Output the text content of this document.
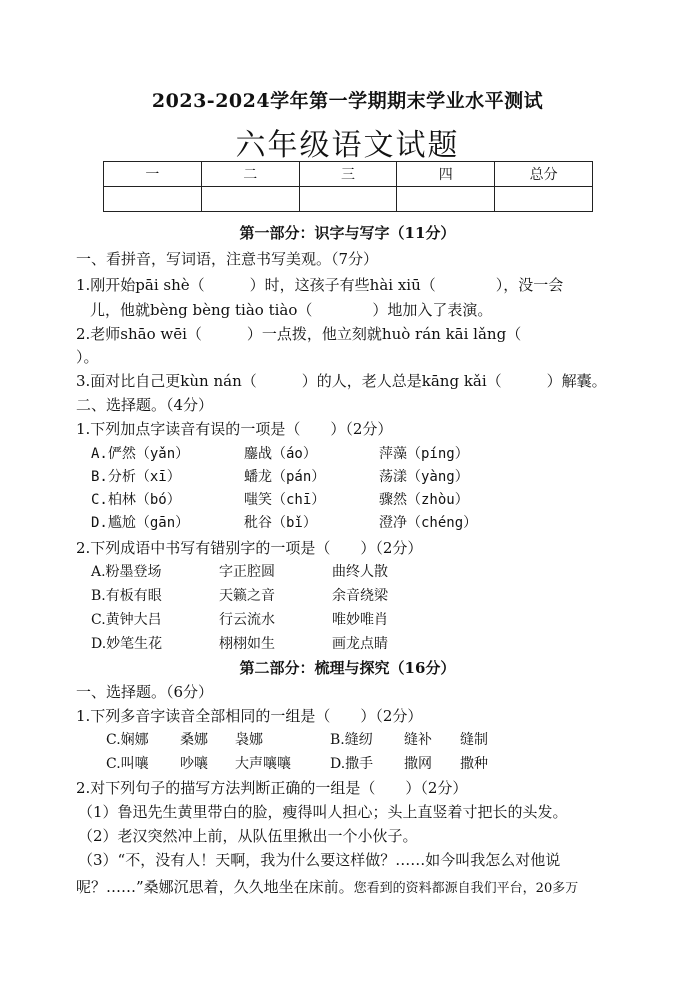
2023-2024学年第一学期期末学业水平测试
六年级语文试题
一	二	三	四	总分

第一部分：识字与写字（11分）
一、看拼音，写词语，注意书写美观。（7分）
1.刚开始pāi shè（　　　）时，这孩子有些hài xiū（　　　　），没一会
儿，他就bèng bèng tiào tiào（　　　　）地加入了表演。
2.老师shāo wēi（　　　）一点拨，他立刻就huò rán kāi lǎng（
）。
3.面对比自己更kùn nán（　　　）的人，老人总是kāng kǎi（　　　）解囊。
二、选择题。（4分）
1.下列加点字读音有误的一项是（　　）（2分）
A.俨然（yǎn）	鏖战（áo）	萍藻（píng）
B.分析（xī）	蟠龙（pán）	荡漾（yàng）
C.柏林（bó）	嗤笑（chī）	骤然（zhòu）
D.尴尬（gān）	秕谷（bǐ）	澄净（chéng）
2.下列成语中书写有错别字的一项是（　　）（2分）
A.粉墨登场	字正腔圆	曲终人散
B.有板有眼	天籁之音	余音绕梁
C.黄钟大吕	行云流水	唯妙唯肖
D.妙笔生花	栩栩如生	画龙点睛
第二部分：梳理与探究（16分）
一、选择题。（6分）
1.下列多音字读音全部相同的一组是（　　）（2分）
C.娴娜 桑娜 袅娜	B.缝纫 缝补 缝制
C.叫嚷 吵嚷 大声嚷嚷	D.撒手 撒网 撒种
2.对下列句子的描写方法判断正确的一组是（　　）（2分）
（1）鲁迅先生黄里带白的脸，瘦得叫人担心；头上直竖着寸把长的头发。
（2）老汉突然冲上前，从队伍里揪出一个小伙子。
（3）“不，没有人！天啊，我为什么要这样做？……如今叫我怎么对他说
呢？……”桑娜沉思着，久久地坐在床前。您看到的资料都源自我们平台，20多万
